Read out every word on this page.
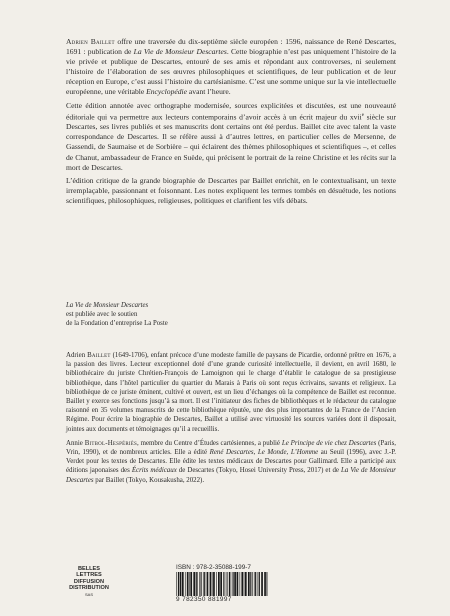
Adrien Baillet offre une traversée du dix-septième siècle européen : 1596, naissance de René Descartes, 1691 : publication de La Vie de Monsieur Descartes. Cette biographie n’est pas uniquement l’histoire de la vie privée et publique de Descartes, entouré de ses amis et répondant aux controverses, ni seulement l’histoire de l’élaboration de ses œuvres philosophiques et scientifiques, de leur publication et de leur réception en Europe, c’est aussi l’histoire du cartésianisme. C’est une somme unique sur la vie intellectuelle européenne, une véritable Encyclopédie avant l’heure.

Cette édition annotée avec orthographe modernisée, sources explicitées et discutées, est une nouveauté éditoriale qui va permettre aux lecteurs contemporains d’avoir accès à un écrit majeur du xvii$^e$ siècle sur Descartes, ses livres publiés et ses manuscrits dont certains ont été perdus. Baillet cite avec talent la vaste correspondance de Descartes. Il se réfère aussi à d’autres lettres, en particulier celles de Mersenne, de Gassendi, de Saumaise et de Sorbière – qui éclairent des thèmes philosophiques et scientifiques –, et celles de Chanut, ambassadeur de France en Suède, qui précisent le portrait de la reine Christine et les récits sur la mort de Descartes.

L’édition critique de la grande biographie de Descartes par Baillet enrichit, en le contextualisant, un texte irremplaçable, passionnant et foisonnant. Les notes expliquent les termes tombés en désuétude, les notions scientifiques, philosophiques, religieuses, politiques et clarifient les vifs débats.

La Vie de Monsieur Descartes
est publiée avec le soutien
de la Fondation d’entreprise La Poste

Adrien Baillet (1649-1706), enfant précoce d’une modeste famille de paysans de Picardie, ordonné prêtre en 1676, a la passion des livres. Lecteur exceptionnel doté d’une grande curiosité intellectuelle, il devient, en avril 1680, le bibliothécaire du juriste Chrétien-François de Lamoignon qui le charge d’établir le catalogue de sa prestigieuse bibliothèque, dans l’hôtel particulier du quartier du Marais à Paris où sont reçus écrivains, savants et religieux. La bibliothèque de ce juriste éminent, cultivé et ouvert, est un lieu d’échanges où la compétence de Baillet est reconnue. Baillet y exerce ses fonctions jusqu’à sa mort. Il est l’initiateur des fiches de bibliothèques et le rédacteur du catalogue raisonné en 35 volumes manuscrits de cette bibliothèque réputée, une des plus importantes de la France de l’Ancien Régime. Pour écrire la biographie de Descartes, Baillet a utilisé avec virtuosité les sources variées dont il disposait, jointes aux documents et témoignages qu’il a recueillis.

Annie Bitbol-Hespériès, membre du Centre d’Études cartésiennes, a publié Le Principe de vie chez Descartes (Paris, Vrin, 1990), et de nombreux articles. Elle a édité René Descartes, Le Monde, L’Homme au Seuil (1996), avec J.-P. Verdet pour les textes de Descartes. Elle édite les textes médicaux de Descartes pour Gallimard. Elle a participé aux éditions japonaises des Écrits médicaux de Descartes (Tokyo, Hosei University Press, 2017) et de La Vie de Monsieur Descartes par Baillet (Tokyo, Kousakusha, 2022).

BELLES LETTRES
DIFFUSION
DISTRIBUTION
SAS
ISBN : 978-2-35088-199-7
9 782350 881997
